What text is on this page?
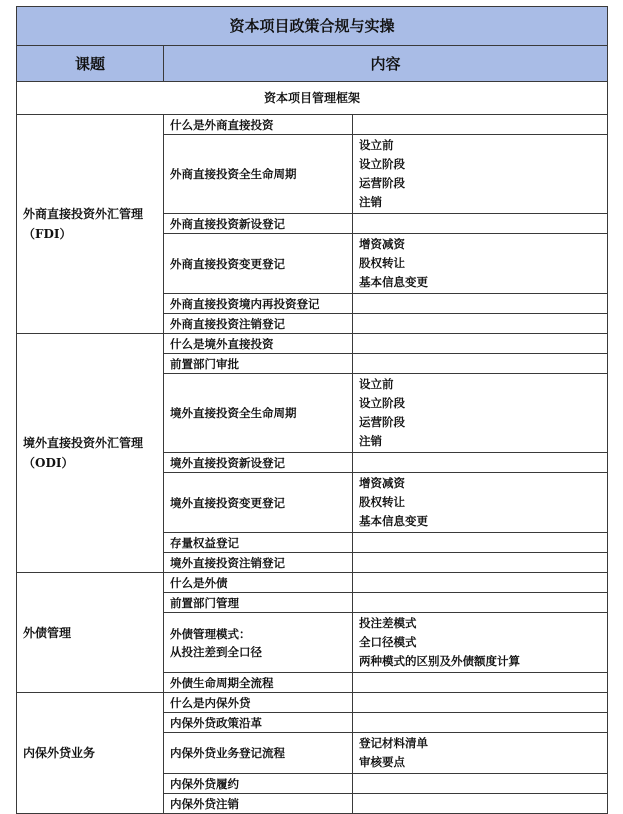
资本项目政策合规与实操		
课题	内容	
资本项目管理框架		

外商直接投资外汇管理
（FDI）	什么是外商直接投资	

	外商直接投资全生命周期	设立前
设立阶段
运营阶段
注销

	外商直接投资新设登记	

	外商直接投资变更登记	增资减资
股权转让
基本信息变更

	外商直接投资境内再投资登记	

	外商直接投资注销登记	

境外直接投资外汇管理
（ODI）	什么是境外直接投资	

	前置部门审批	

	境外直接投资全生命周期	设立前
设立阶段
运营阶段
注销

	境外直接投资新设登记	

	境外直接投资变更登记	增资减资
股权转让
基本信息变更

	存量权益登记	

	境外直接投资注销登记	

外债管理	什么是外债	

	前置部门管理	

	外债管理模式：
从投注差到全口径	投注差模式
全口径模式
两种模式的区别及外债额度计算

	外债生命周期全流程	

内保外贷业务	什么是内保外贷	

	内保外贷政策沿革	

	内保外贷业务登记流程	登记材料清单
审核要点

	内保外贷履约	

	内保外贷注销	
